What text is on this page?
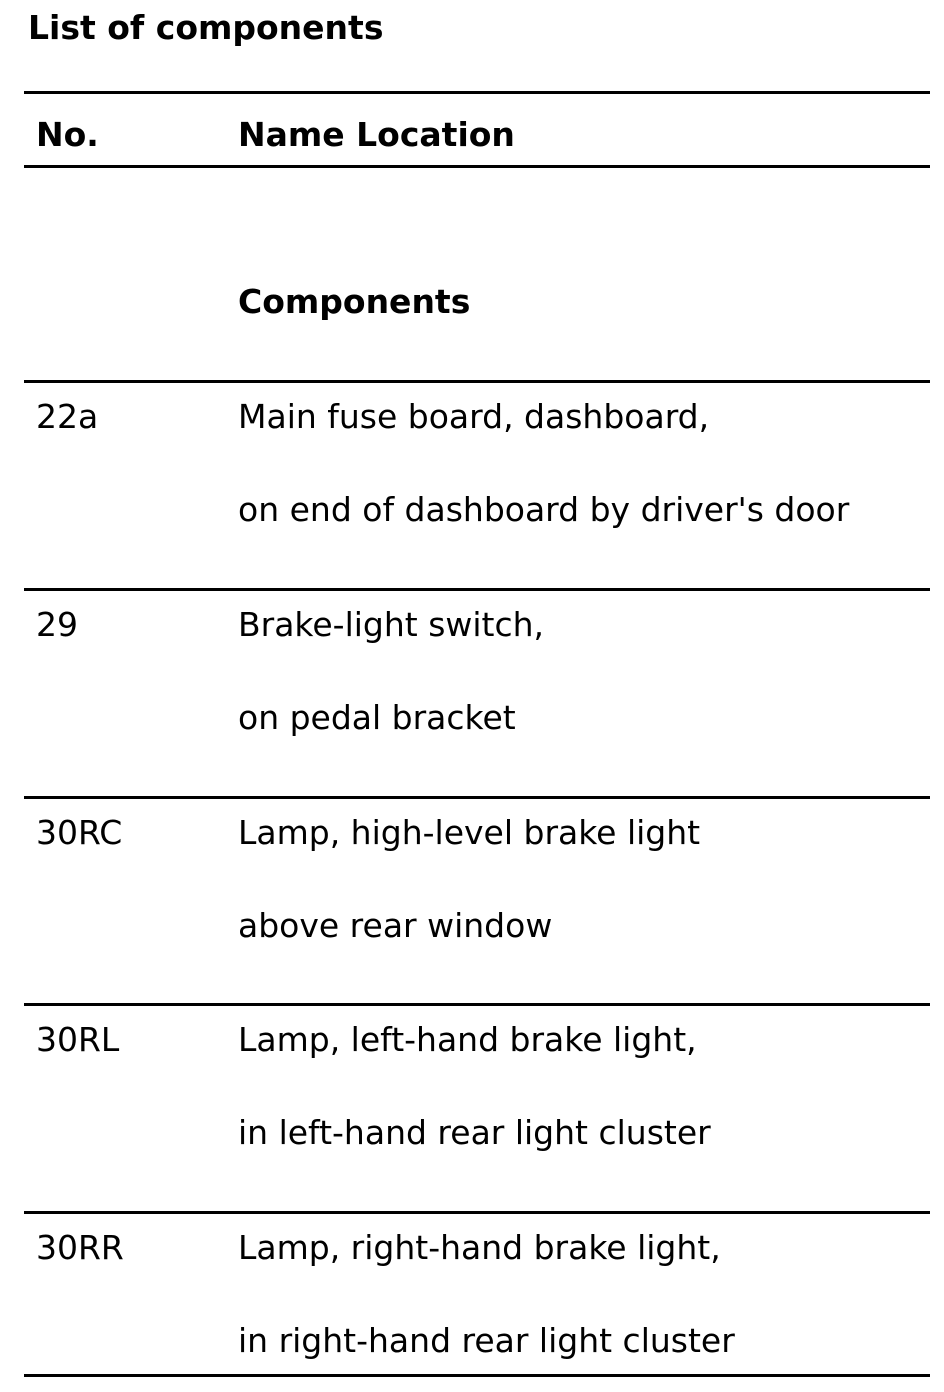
List of components
No.	Name Location
Components
22a	Main fuse board, dashboard,
on end of dashboard by driver's door
29	Brake-light switch,
on pedal bracket
30RC	Lamp, high-level brake light
above rear window
30RL	Lamp, left-hand brake light,
in left-hand rear light cluster
30RR	Lamp, right-hand brake light,
in right-hand rear light cluster
